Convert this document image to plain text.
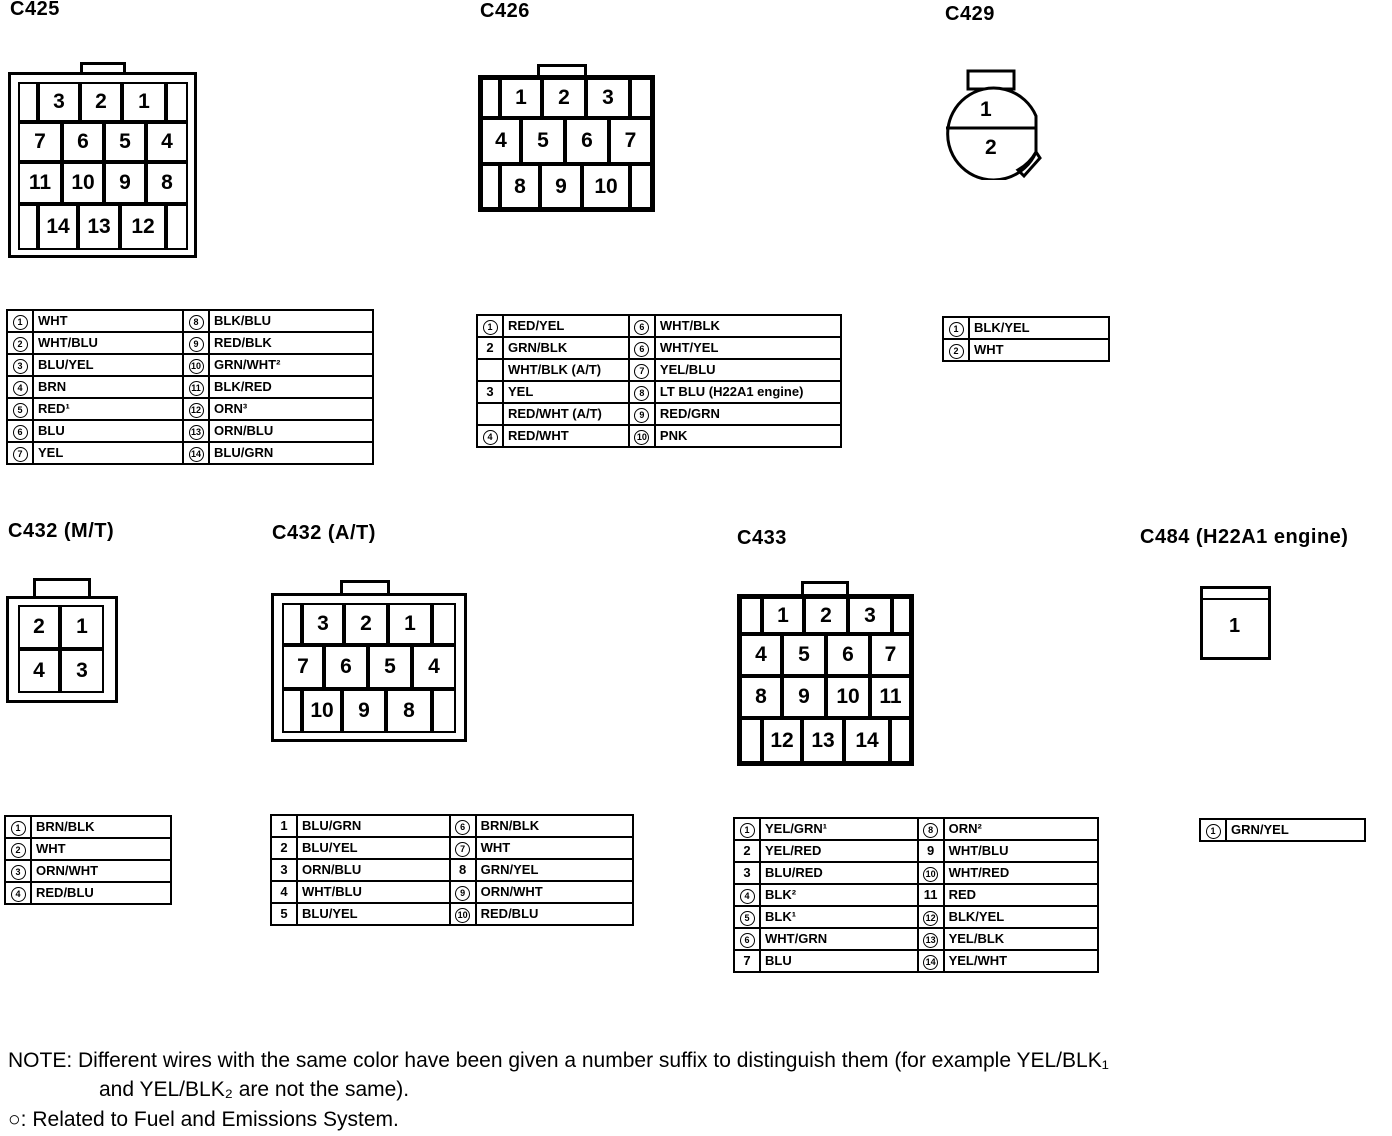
C425	C426	C429
C432 (M/T)	C432 (A/T)	C433	C484 (H22A1 engine)
3	2	1
7	6	5	4
11 10	9	8
14 13 12
1	2	3
4	5	6	7
8	9	10
1
2
2	1
4	3
3	2	1
7	6	5	4
10	9	8
1	2	3
4	5	6	7
8	9	10 11
12 13 14
1
1	WHT	8	BLK/BLU
2	WHT/BLU	9	RED/BLK
3	BLU/YEL	10	GRN/WHT²
4	BRN	11	BLK/RED
5	RED¹	12	ORN³
6	BLU	13	ORN/BLU
7	YEL	14	BLU/GRN
1	RED/YEL	6	WHT/BLK
2	GRN/BLK	6	WHT/YEL
	WHT/BLK (A/T)	7	YEL/BLU
3	YEL	8	LT BLU (H22A1 engine)
	RED/WHT (A/T)	9	RED/GRN
4	RED/WHT	10	PNK
1	BLK/YEL
2	WHT
1	BRN/BLK
2	WHT
3	ORN/WHT
4	RED/BLU
1	BLU/GRN	6	BRN/BLK
2	BLU/YEL	7	WHT
3	ORN/BLU	8	GRN/YEL
4	WHT/BLU	9	ORN/WHT
5	BLU/YEL	10	RED/BLU
1	YEL/GRN¹	8	ORN²
2	YEL/RED	9	WHT/BLU
3	BLU/RED	10	WHT/RED
4	BLK²	11	RED
5	BLK¹	12	BLK/YEL
6	WHT/GRN	13	YEL/BLK
7	BLU	14	YEL/WHT
1	GRN/YEL
NOTE: Different wires with the same color have been given a number suffix to distinguish them (for example YEL/BLK₁
and YEL/BLK₂ are not the same).
○: Related to Fuel and Emissions System.
